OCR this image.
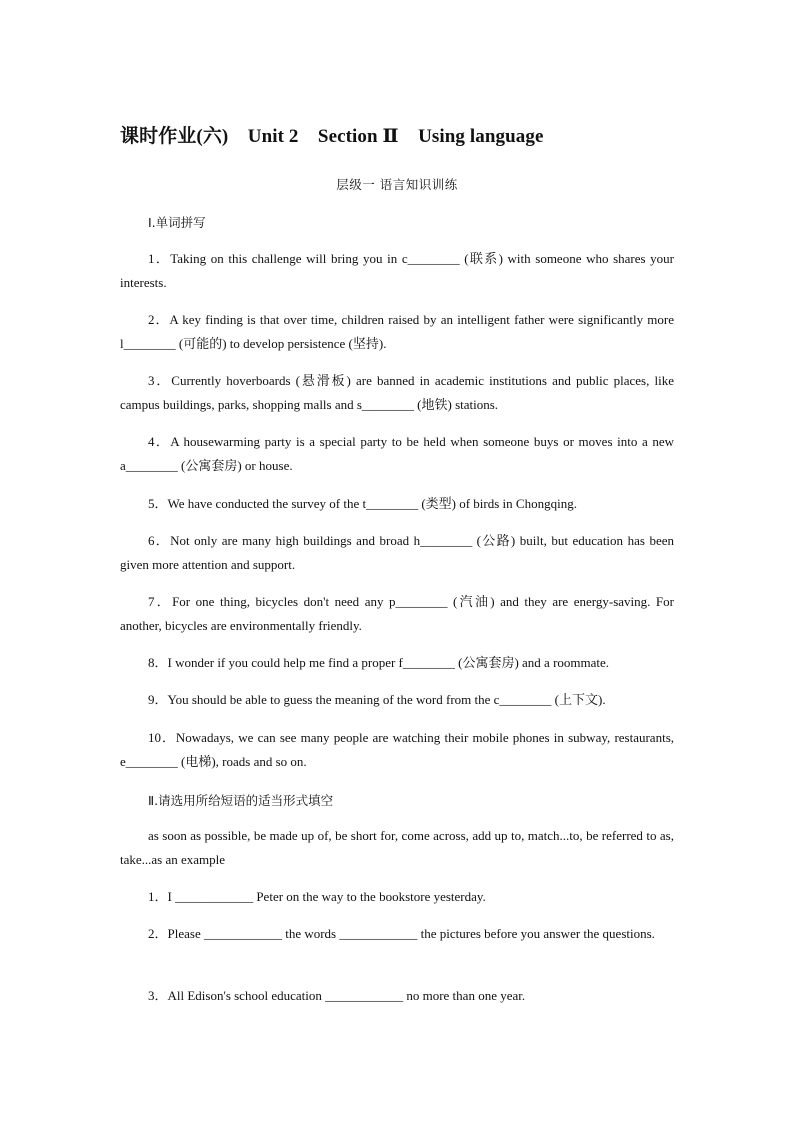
课时作业(六)    Unit 2    Section Ⅱ    Using language
层级一 语言知识训练
Ⅰ.单词拼写

1．Taking on this challenge will bring you in c________ (联系) with someone who shares your interests.

2．A key finding is that over time, children raised by an intelligent father were significantly more l________ (可能的) to develop persistence (坚持).

3．Currently hoverboards (悬滑板) are banned in academic institutions and public places, like campus buildings, parks, shopping malls and s________ (地铁) stations.

4．A housewarming party is a special party to be held when someone buys or moves into a new a________ (公寓套房) or house.

5．We have conducted the survey of the t________ (类型) of birds in Chongqing.

6．Not only are many high buildings and broad h________ (公路) built, but education has been given more attention and support.

7．For one thing, bicycles don't need any p________ (汽油) and they are energy-saving. For another, bicycles are environmentally friendly.

8．I wonder if you could help me find a proper f________ (公寓套房) and a roommate.

9．You should be able to guess the meaning of the word from the c________ (上下文).

10．Nowadays, we can see many people are watching their mobile phones in subway, restaurants, e________ (电梯), roads and so on.

Ⅱ.请选用所给短语的适当形式填空

as soon as possible, be made up of, be short for, come across, add up to, match...to, be referred to as, take...as an example

1．I ____________ Peter on the way to the bookstore yesterday.

2．Please ____________ the words ____________ the pictures before you answer the questions.

3．All Edison's school education ____________ no more than one year.
